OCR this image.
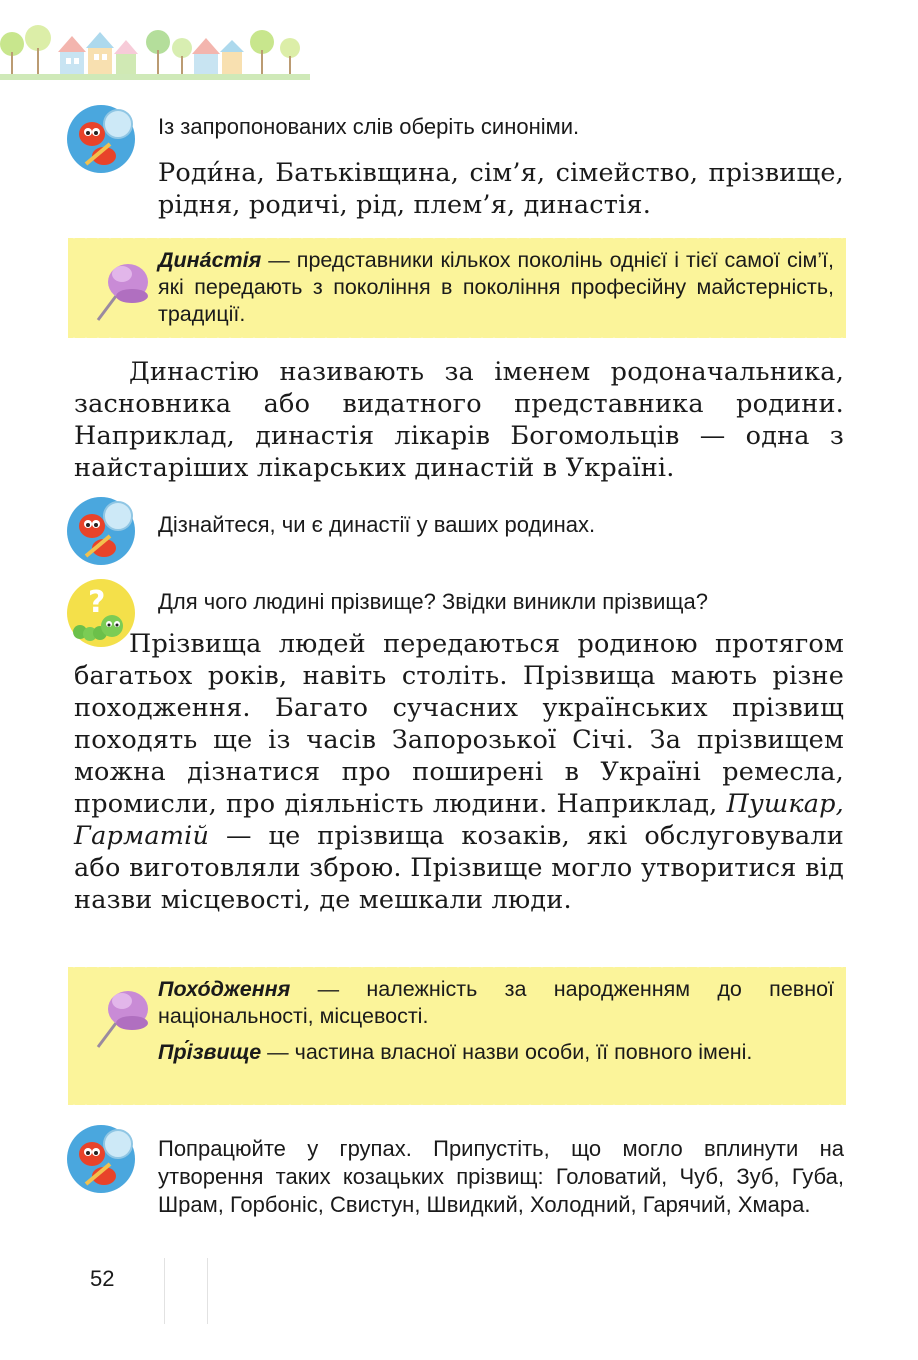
Із запропонованих слів оберіть синоніми.

Роди́на, Батьківщина, сім’я, сімейство, прізвище, рідня, родичі, рід, плем’я, династія.

Дина́стія — представники кількох поколінь однієї і тієї самої сім’ї, які передають з покоління в покоління професійну майстерність, традиції.

Династію називають за іменем родоначальника, засновника або видатного представника родини. Наприклад, династія лікарів Богомольців — одна з найстаріших лікарських династій в Україні.

Дізнайтеся, чи є династії у ваших родинах.
? Для чого людині прізвище? Звідки виникли прізвища?

Прізвища людей передаються родиною протягом багатьох років, навіть століть. Прізвища мають різне походження. Багато сучасних українських прізвищ походять ще із часів Запорозької Січі. За прізвищем можна дізнатися про поширені в Україні ремесла, промисли, про діяльність людини. Наприклад, Пушкар, Гарматій — це прізвища козаків, які обслуговували або виготовляли зброю. Прізвище могло утворитися від назви місцевості, де мешкали люди.

Похо́дження — належність за народженням до певної національності, місцевості.
Пр́ізвище — частина власної назви особи, її повного імені.
Попрацюйте у групах. Припустіть, що могло вплинути на утворення таких козацьких прізвищ: Головатий, Чуб, Зуб, Губа, Шрам, Горбоніс, Свистун, Швидкий, Холодний, Гарячий, Хмара.
52
